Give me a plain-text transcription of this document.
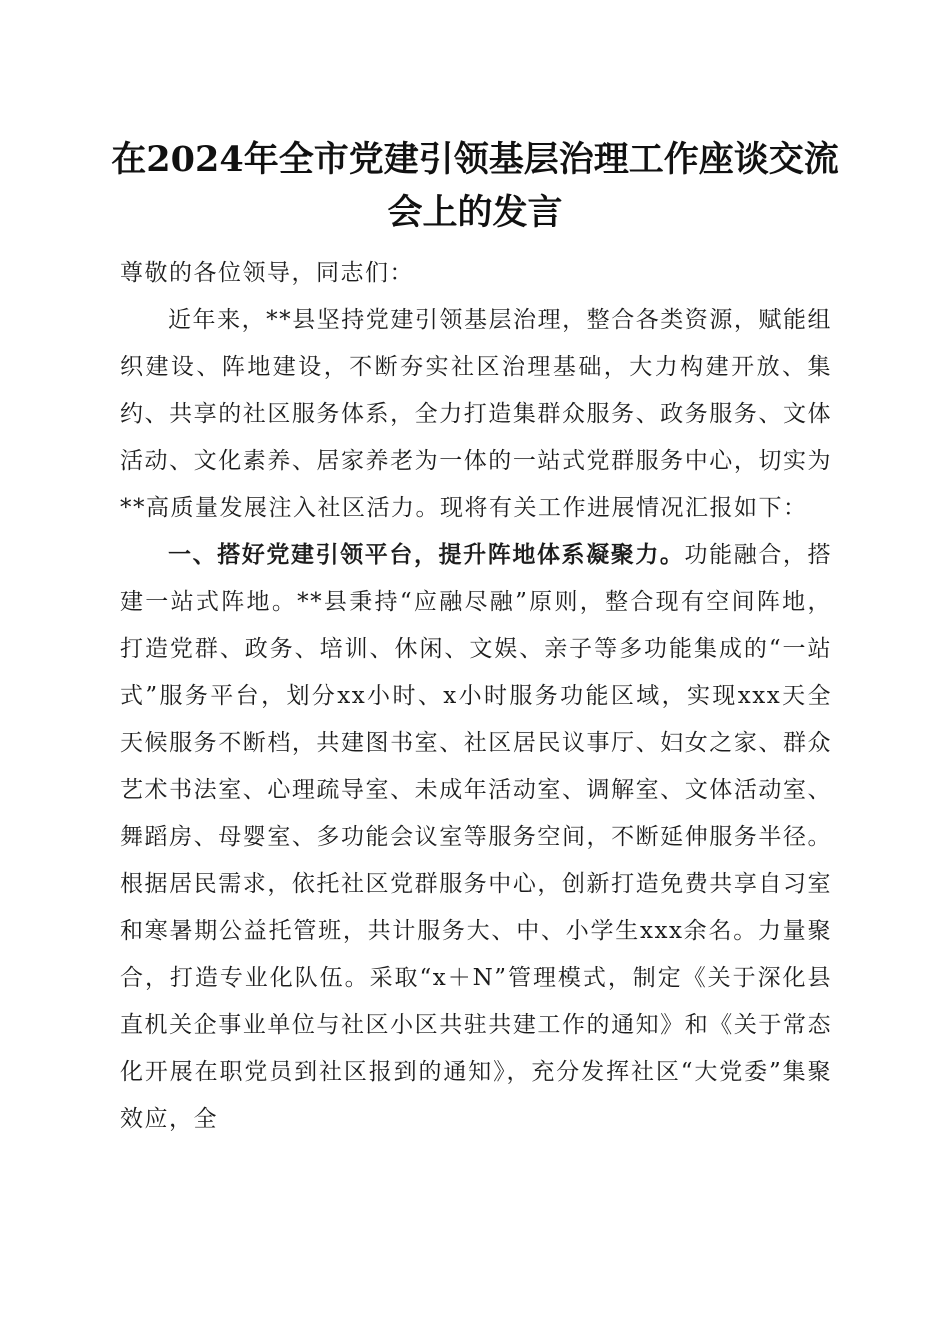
在2024年全市党建引领基层治理工作座谈交流会上的发言

尊敬的各位领导，同志们：

近年来，**县坚持党建引领基层治理，整合各类资源，赋能组织建设、阵地建设，不断夯实社区治理基础，大力构建开放、集约、共享的社区服务体系，全力打造集群众服务、政务服务、文体活动、文化素养、居家养老为一体的一站式党群服务中心，切实为**高质量发展注入社区活力。现将有关工作进展情况汇报如下：

一、搭好党建引领平台，提升阵地体系凝聚力。功能融合，搭建一站式阵地。**县秉持“应融尽融”原则，整合现有空间阵地，打造党群、政务、培训、休闲、文娱、亲子等多功能集成的“一站式”服务平台，划分xx小时、x小时服务功能区域，实现xxx天全天候服务不断档，共建图书室、社区居民议事厅、妇女之家、群众艺术书法室、心理疏导室、未成年活动室、调解室、文体活动室、舞蹈房、母婴室、多功能会议室等服务空间，不断延伸服务半径。根据居民需求，依托社区党群服务中心，创新打造免费共享自习室和寒暑期公益托管班，共计服务大、中、小学生xxx余名。力量聚合，打造专业化队伍。采取“x＋N”管理模式，制定《关于深化县直机关企事业单位与社区小区共驻共建工作的通知》和《关于常态化开展在职党员到社区报到的通知》，充分发挥社区“大党委”集聚效应，全
